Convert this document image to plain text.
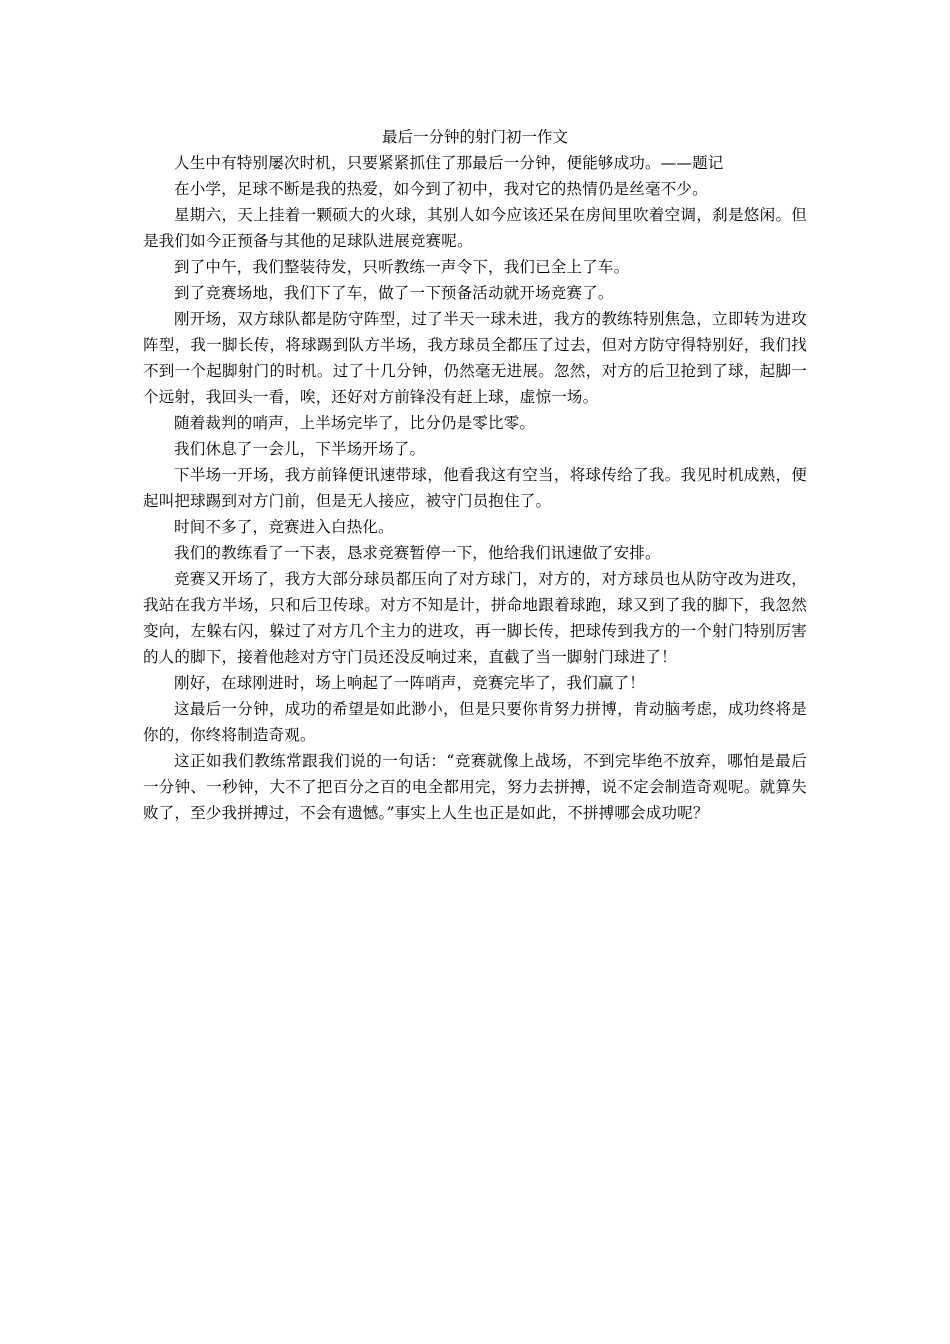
最后一分钟的射门初一作文

人生中有特别屡次时机，只要紧紧抓住了那最后一分钟，便能够成功。——题记

在小学，足球不断是我的热爱，如今到了初中，我对它的热情仍是丝毫不少。

星期六，天上挂着一颗硕大的火球，其别人如今应该还呆在房间里吹着空调，刹是悠闲。但是我们如今正预备与其他的足球队进展竞赛呢。

到了中午，我们整装待发，只听教练一声令下，我们已全上了车。

到了竞赛场地，我们下了车，做了一下预备活动就开场竞赛了。

刚开场，双方球队都是防守阵型，过了半天一球未进，我方的教练特别焦急，立即转为进攻阵型，我一脚长传，将球踢到队方半场，我方球员全都压了过去，但对方防守得特别好，我们找不到一个起脚射门的时机。过了十几分钟，仍然毫无进展。忽然，对方的后卫抢到了球，起脚一个远射，我回头一看，唉，还好对方前锋没有赶上球，虚惊一场。

随着裁判的哨声，上半场完毕了，比分仍是零比零。

我们休息了一会儿，下半场开场了。

下半场一开场，我方前锋便讯速带球，他看我这有空当，将球传给了我。我见时机成熟，便起叫把球踢到对方门前，但是无人接应，被守门员抱住了。

时间不多了，竞赛进入白热化。

我们的教练看了一下表，恳求竞赛暂停一下，他给我们讯速做了安排。

竞赛又开场了，我方大部分球员都压向了对方球门，对方的，对方球员也从防守改为进攻，我站在我方半场，只和后卫传球。对方不知是计，拼命地跟着球跑，球又到了我的脚下，我忽然变向，左躲右闪，躲过了对方几个主力的进攻，再一脚长传，把球传到我方的一个射门特别厉害的人的脚下，接着他趁对方守门员还没反响过来，直截了当一脚射门球进了！

刚好，在球刚进时，场上响起了一阵哨声，竞赛完毕了，我们赢了！

这最后一分钟，成功的希望是如此渺小，但是只要你肯努力拼博，肯动脑考虑，成功终将是你的，你终将制造奇观。

这正如我们教练常跟我们说的一句话：“竞赛就像上战场，不到完毕绝不放弃，哪怕是最后一分钟、一秒钟，大不了把百分之百的电全都用完，努力去拼搏，说不定会制造奇观呢。就算失败了，至少我拼搏过，不会有遗憾。”事实上人生也正是如此，不拼搏哪会成功呢？
